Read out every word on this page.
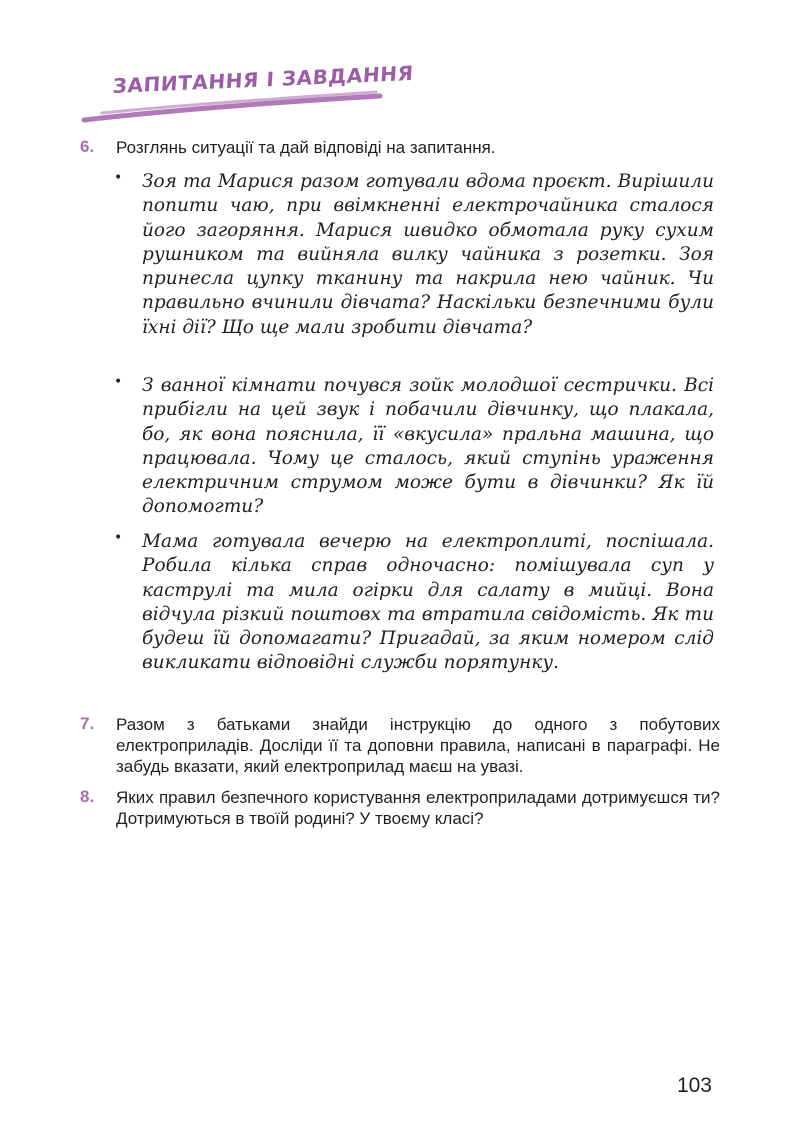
ЗАПИТАННЯ І ЗАВДАННЯ
6.	Розглянь ситуації та дай відповіді на запитання.
• Зоя та Марися разом готували вдома проєкт. Вирішили попити чаю, при ввімкненні електрочайника сталося його загоряння. Марися швидко обмотала руку сухим рушником та вийняла вилку чайника з розетки. Зоя принесла цупку тканину та накрила нею чайник. Чи правильно вчинили дівчата? Наскільки безпечними були їхні дії? Що ще мали зробити дівчата?
• З ванної кімнати почувся зойк молодшої сестрички. Всі прибігли на цей звук і побачили дівчинку, що плакала, бо, як вона пояснила, її «вкусила» пральна машина, що працювала. Чому це сталось, який ступінь ураження електричним струмом може бути в дівчинки? Як їй допомогти?
• Мама готувала вечерю на електроплиті, поспішала. Робила кілька справ одночасно: помішувала суп у каструлі та мила огірки для салату в мийці. Вона відчула різкий поштовх та втратила свідомість. Як ти будеш їй допомагати? Пригадай, за яким номером слід викликати відповідні служби порятунку.
7.	Разом з батьками знайди інструкцію до одного з побутових електроприладів. Досліди її та доповни правила, написані в параграфі. Не забудь вказати, який електроприлад маєш на увазі.
8.	Яких правил безпечного користування електроприладами дотримуєшся ти? Дотримуються в твоїй родині? У твоєму класі?
103
